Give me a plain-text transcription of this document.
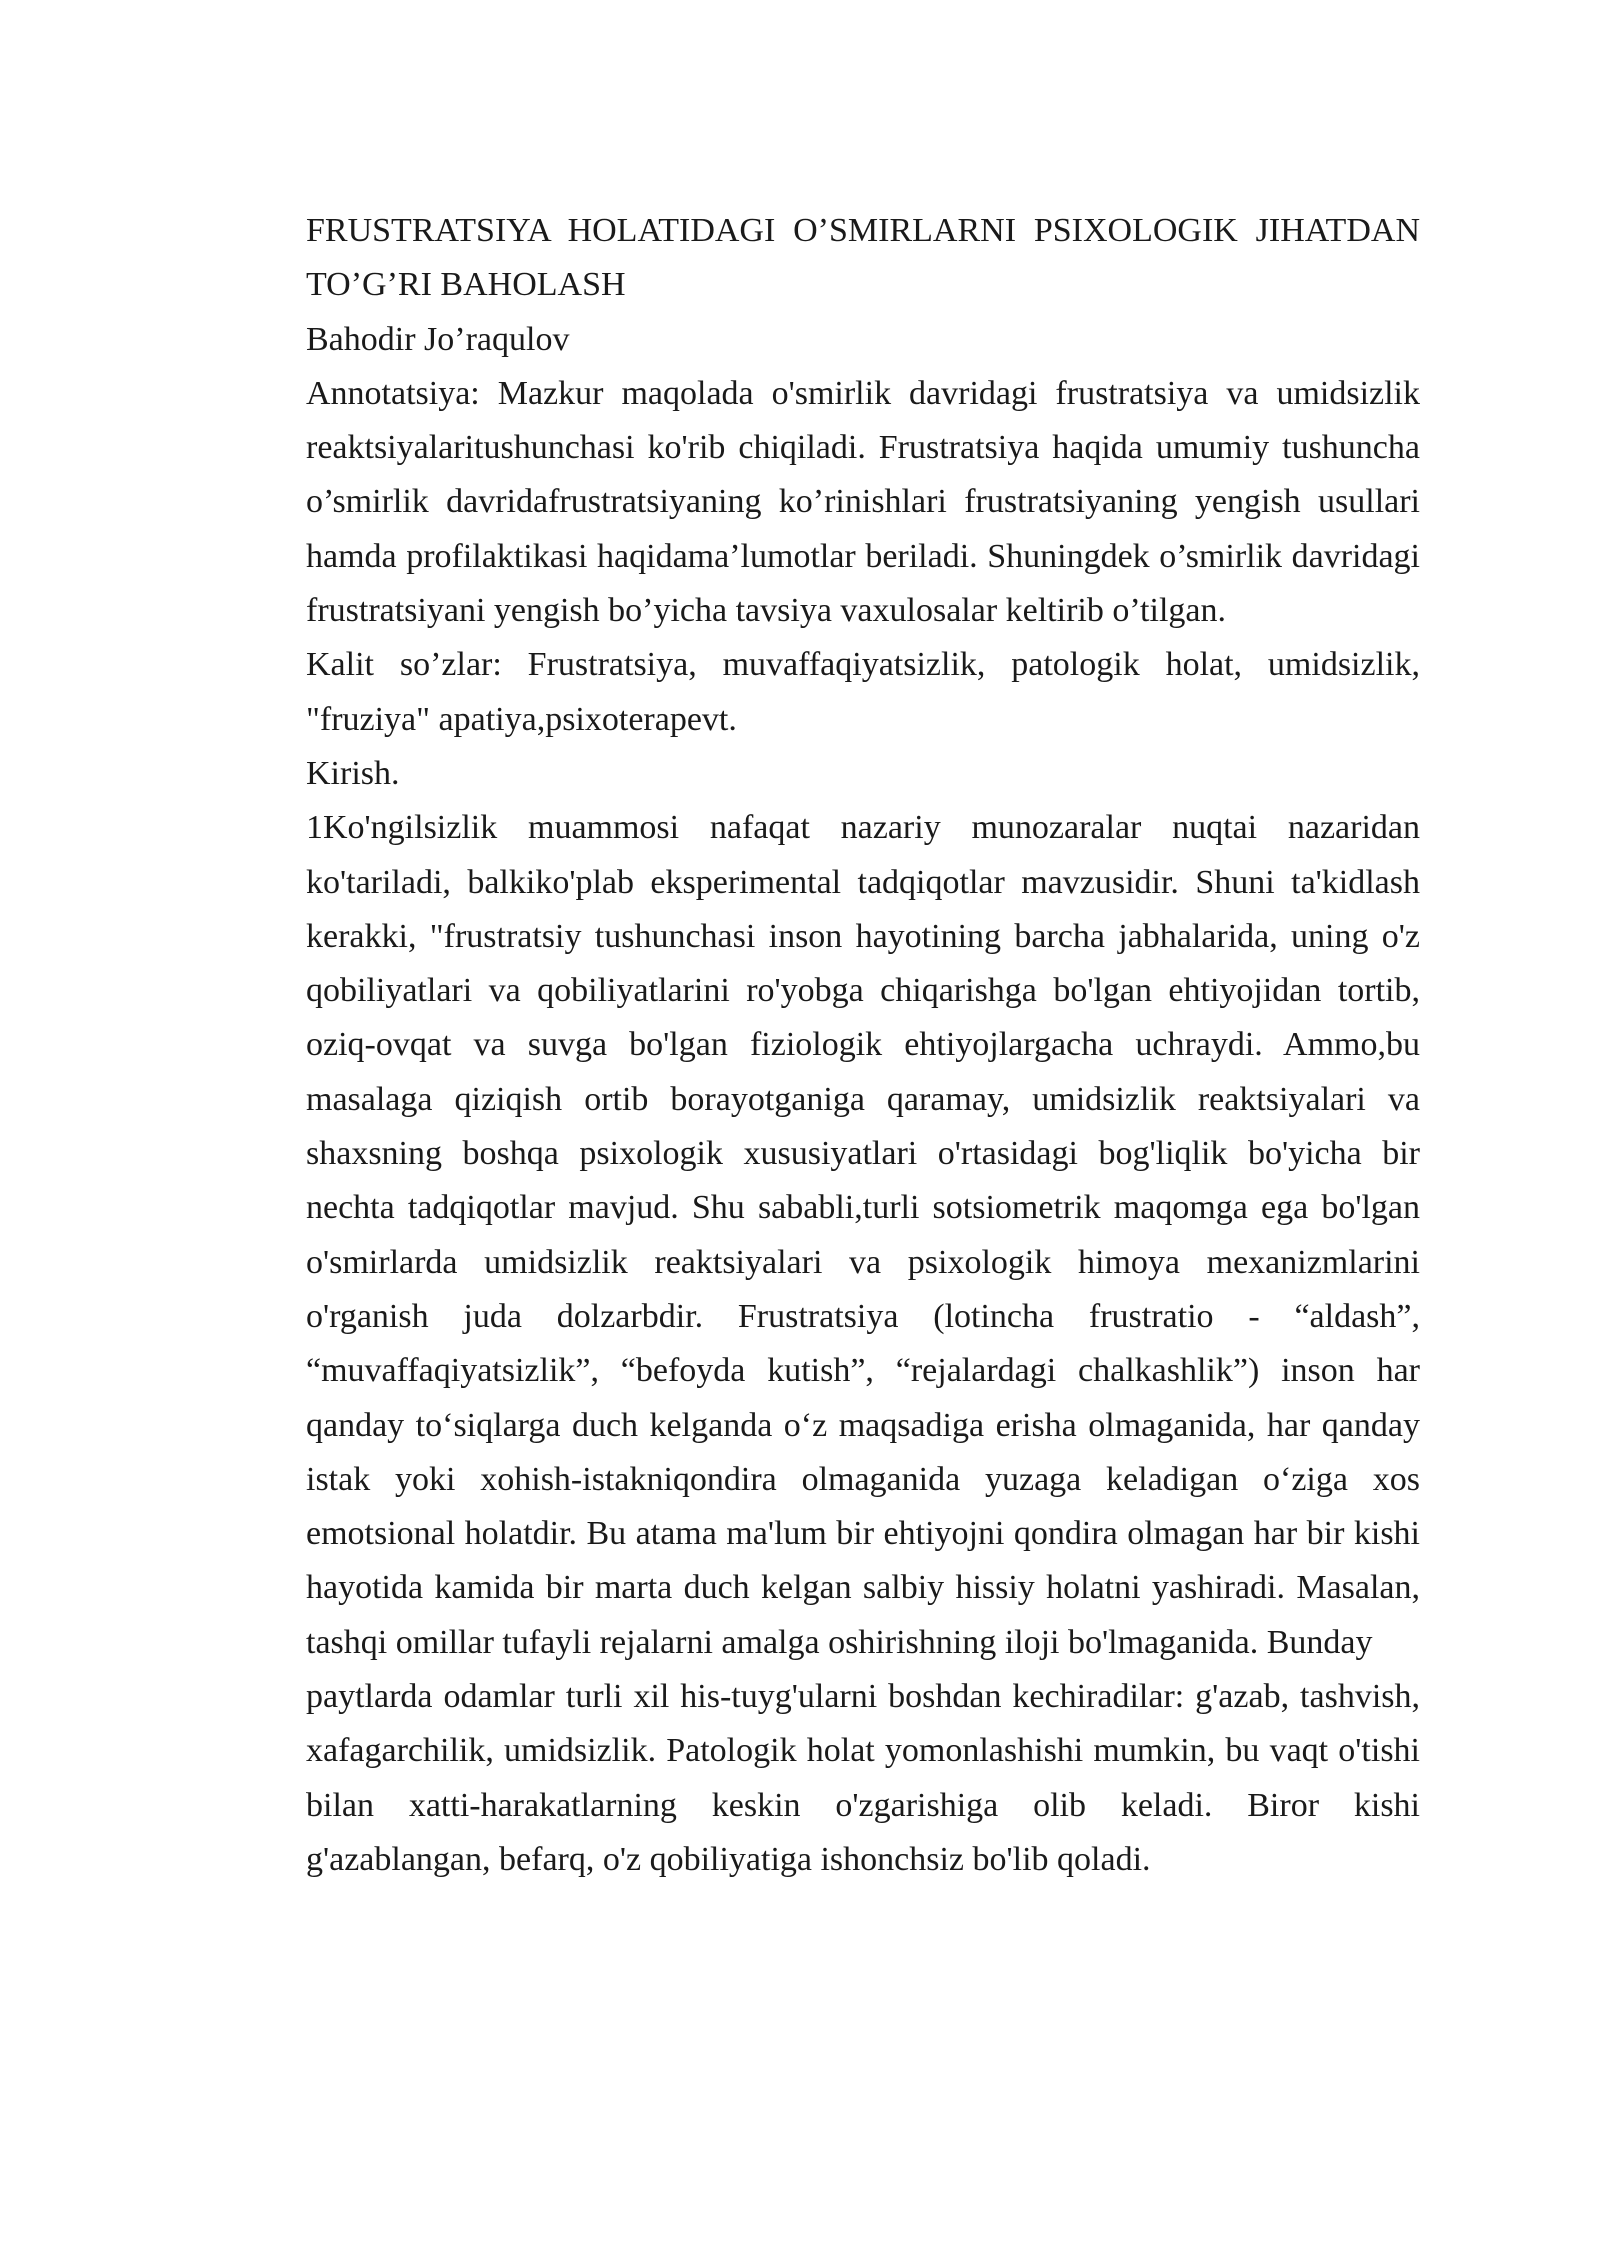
FRUSTRATSIYA HOLATIDAGI O’SMIRLARNI PSIXOLOGIK JIHATDAN TO’G’RI BAHOLASH

Bahodir Jo’raqulov

Annotatsiya: Mazkur maqolada o'smirlik davridagi frustratsiya va umidsizlik reaktsiyalaritushunchasi ko'rib chiqiladi. Frustratsiya haqida umumiy tushuncha o’smirlik davridafrustratsiyaning ko’rinishlari frustratsiyaning yengish usullari hamda profilaktikasi haqidama’lumotlar beriladi. Shuningdek o’smirlik davridagi frustratsiyani yengish bo’yicha tavsiya vaxulosalar keltirib o’tilgan.

Kalit so’zlar: Frustratsiya, muvaffaqiyatsizlik, patologik holat, umidsizlik, "fruziya" apatiya,psixoterapevt.

Kirish.

1Ko'ngilsizlik muammosi nafaqat nazariy munozaralar nuqtai nazaridan ko'tariladi, balkiko'plab eksperimental tadqiqotlar mavzusidir. Shuni ta'kidlash kerakki, "frustratsiy tushunchasi inson hayotining barcha jabhalarida, uning o'z qobiliyatlari va qobiliyatlarini ro'yobga chiqarishga bo'lgan ehtiyojidan tortib, oziq-ovqat va suvga bo'lgan fiziologik ehtiyojlargacha uchraydi. Ammo,bu masalaga qiziqish ortib borayotganiga qaramay, umidsizlik reaktsiyalari va shaxsning boshqa psixologik xususiyatlari o'rtasidagi bog'liqlik bo'yicha bir nechta tadqiqotlar mavjud. Shu sababli,turli sotsiometrik maqomga ega bo'lgan o'smirlarda umidsizlik reaktsiyalari va psixologik himoya mexanizmlarini o'rganish juda dolzarbdir. Frustratsiya (lotincha frustratio - “aldash”, “muvaffaqiyatsizlik”, “befoyda kutish”, “rejalardagi chalkashlik”) inson har qanday to‘siqlarga duch kelganda o‘z maqsadiga erisha olmaganida, har qanday istak yoki xohish-istakniqondira olmaganida yuzaga keladigan o‘ziga xos emotsional holatdir. Bu atama ma'lum bir ehtiyojni qondira olmagan har bir kishi hayotida kamida bir marta duch kelgan salbiy hissiy holatni yashiradi. Masalan, tashqi omillar tufayli rejalarni amalga oshirishning iloji bo'lmaganida. Bunday

paytlarda odamlar turli xil his-tuyg'ularni boshdan kechiradilar: g'azab, tashvish, xafagarchilik, umidsizlik. Patologik holat yomonlashishi mumkin, bu vaqt o'tishi bilan xatti-harakatlarning keskin o'zgarishiga olib keladi. Biror kishi g'azablangan, befarq, o'z qobiliyatiga ishonchsiz bo'lib qoladi.
